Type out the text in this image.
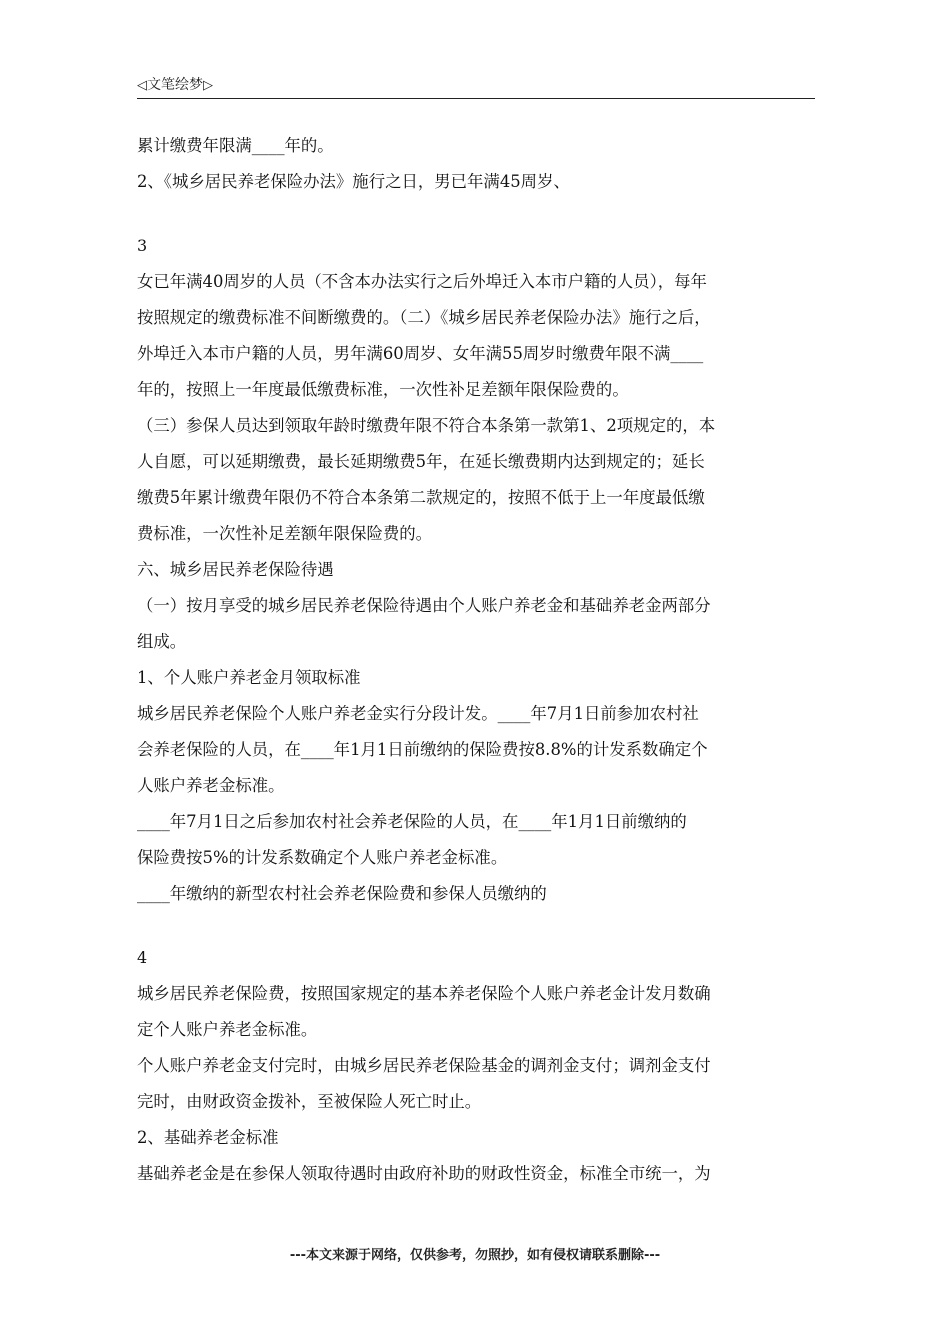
◁文笔绘梦▷
累计缴费年限满____年的。
2、《城乡居民养老保险办法》施行之日，男已年满45周岁、
3
女已年满40周岁的人员（不含本办法实行之后外埠迁入本市户籍的人员），每年
按照规定的缴费标准不间断缴费的。（二）《城乡居民养老保险办法》施行之后，
外埠迁入本市户籍的人员，男年满60周岁、女年满55周岁时缴费年限不满____
年的，按照上一年度最低缴费标准，一次性补足差额年限保险费的。
（三）参保人员达到领取年龄时缴费年限不符合本条第一款第1、2项规定的，本
人自愿，可以延期缴费，最长延期缴费5年，在延长缴费期内达到规定的；延长
缴费5年累计缴费年限仍不符合本条第二款规定的，按照不低于上一年度最低缴
费标准，一次性补足差额年限保险费的。
六、城乡居民养老保险待遇
（一）按月享受的城乡居民养老保险待遇由个人账户养老金和基础养老金两部分
组成。
1、个人账户养老金月领取标准
城乡居民养老保险个人账户养老金实行分段计发。____年7月1日前参加农村社
会养老保险的人员，在____年1月1日前缴纳的保险费按8.8%的计发系数确定个
人账户养老金标准。
____年7月1日之后参加农村社会养老保险的人员，在____年1月1日前缴纳的
保险费按5%的计发系数确定个人账户养老金标准。
____年缴纳的新型农村社会养老保险费和参保人员缴纳的
4
城乡居民养老保险费，按照国家规定的基本养老保险个人账户养老金计发月数确
定个人账户养老金标准。
个人账户养老金支付完时，由城乡居民养老保险基金的调剂金支付；调剂金支付
完时，由财政资金拨补，至被保险人死亡时止。
2、基础养老金标准
基础养老金是在参保人领取待遇时由政府补助的财政性资金，标准全市统一，为
---本文来源于网络，仅供参考，勿照抄，如有侵权请联系删除---
